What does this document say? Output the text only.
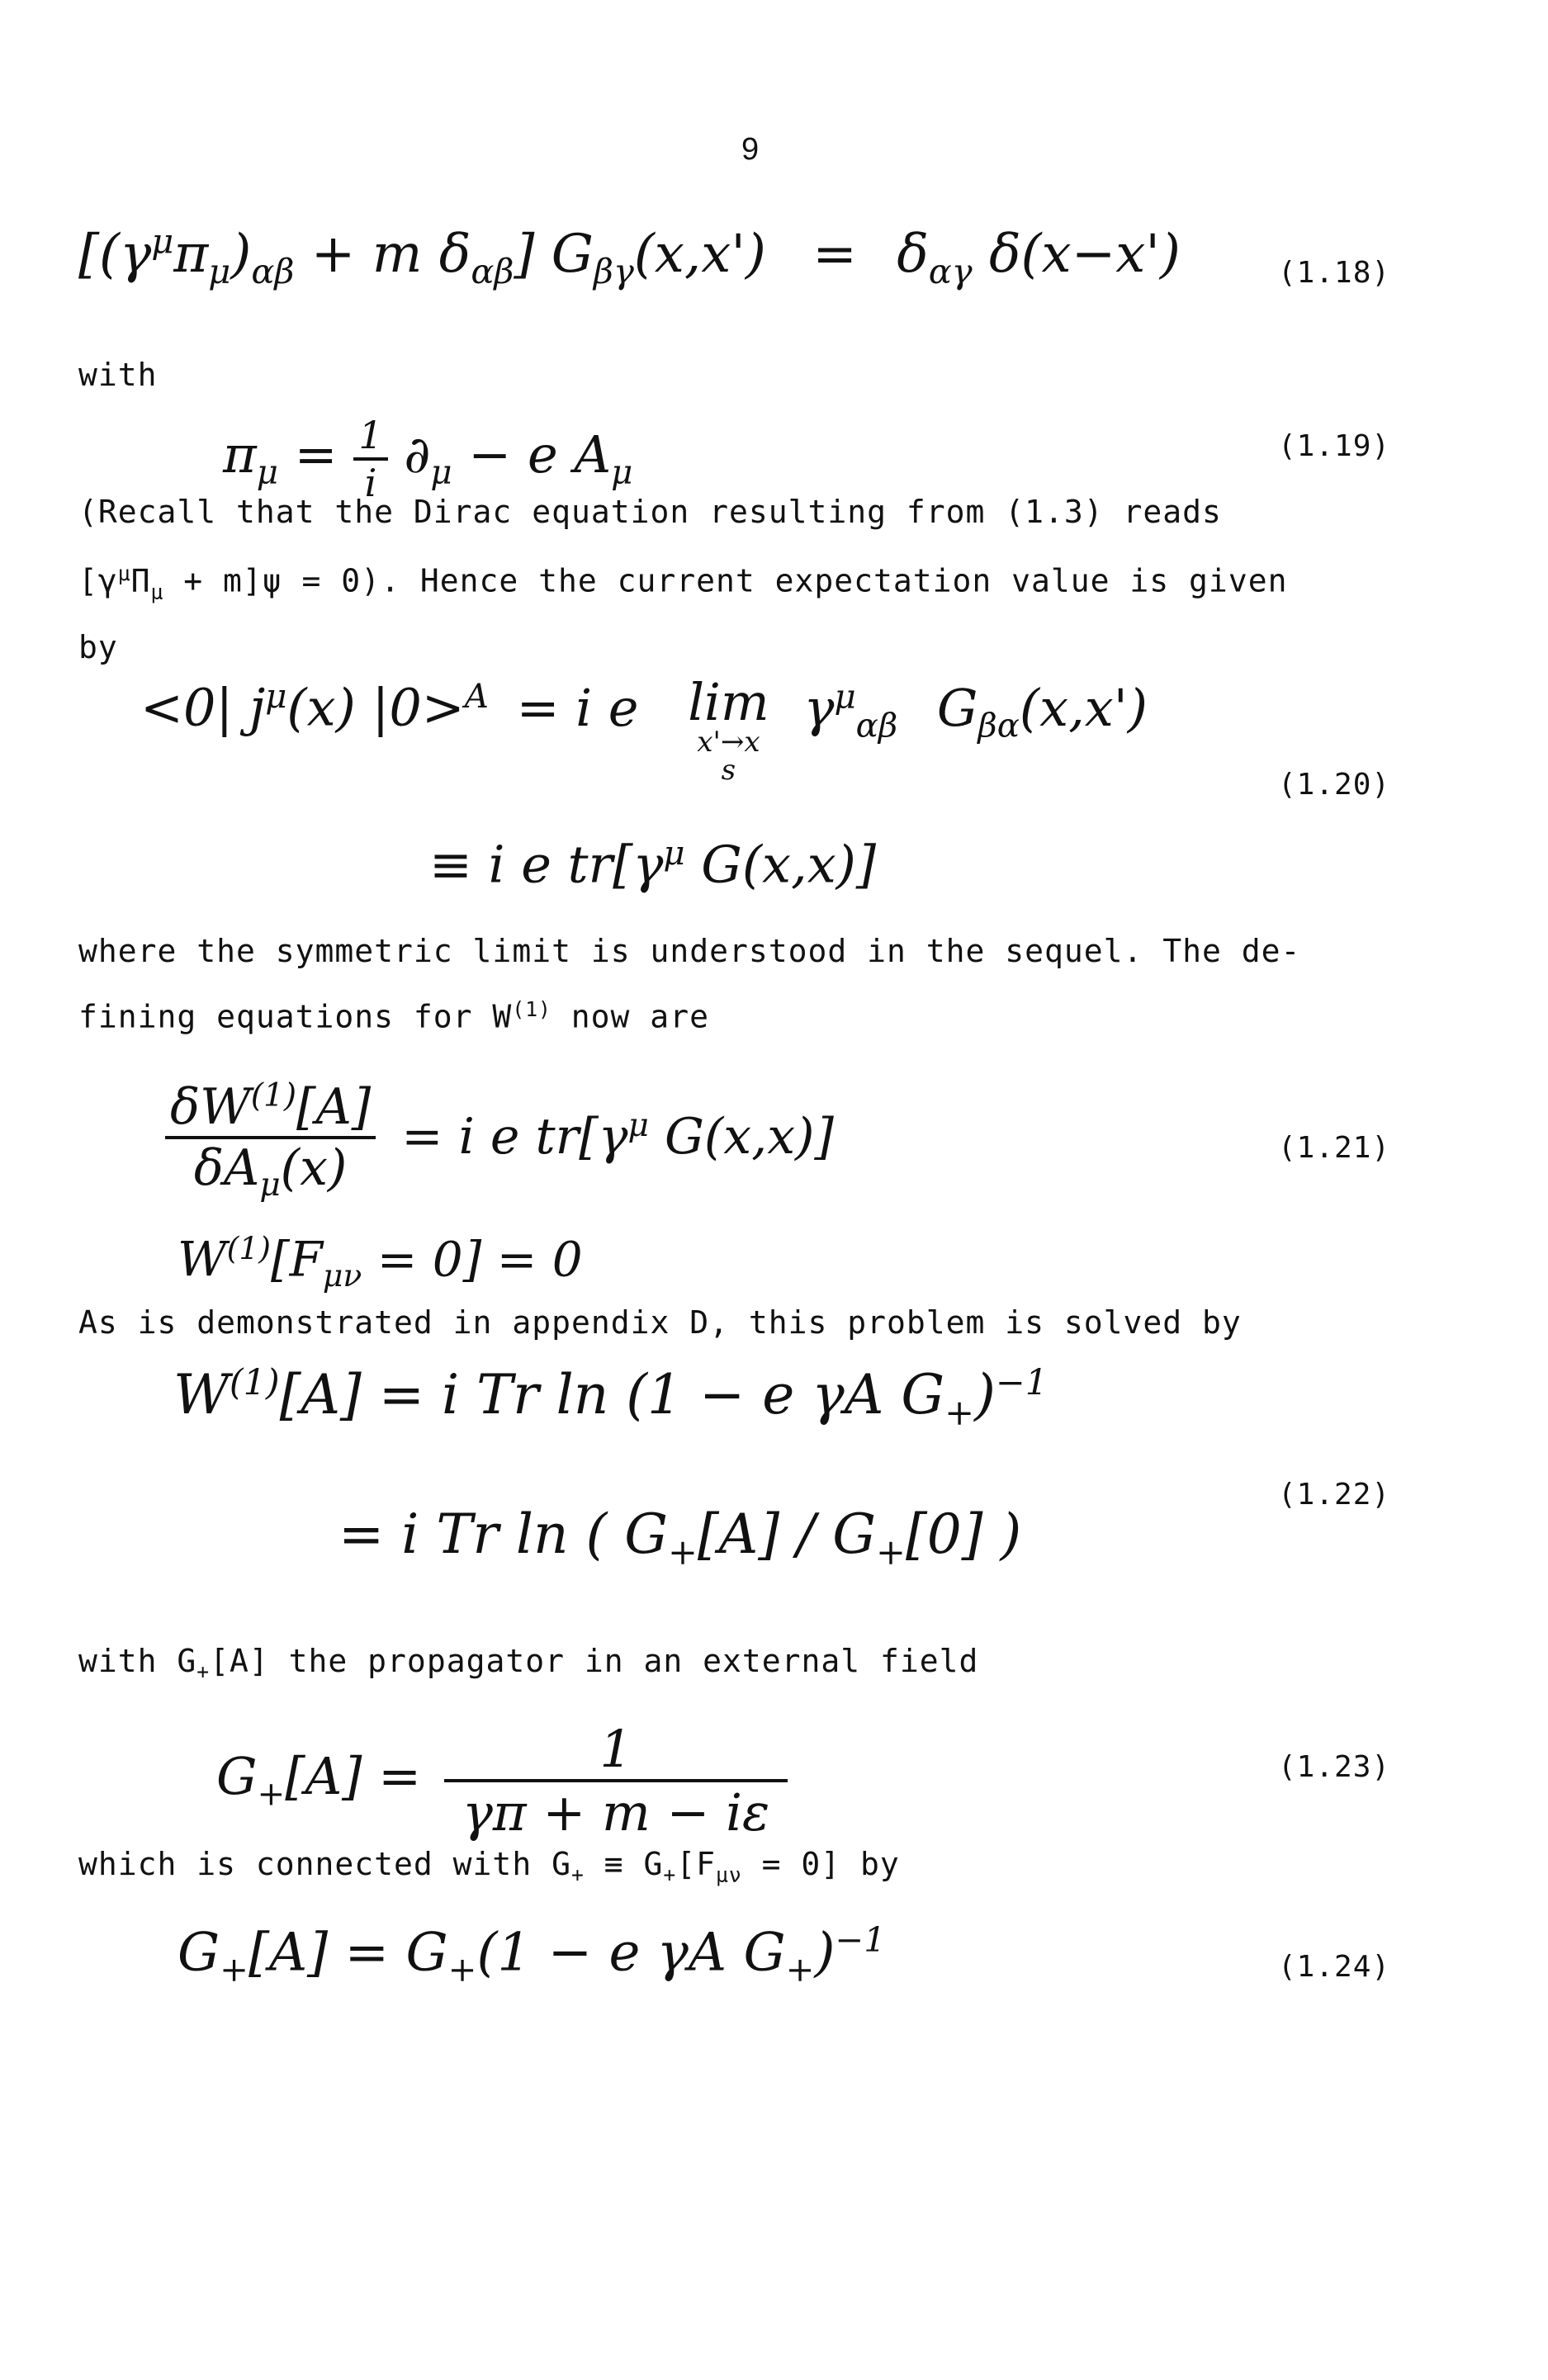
9
[$(\gamma^\mu\pi_\mu)_{\alpha\beta} + m$ $\delta_{\alpha\beta}$] $G_{\beta\gamma}(x,x') = \delta_{\alpha\gamma}$ δ(x−x')	(1.18)
with
$\pi_\mu = \frac{1}{i} \partial_\mu - e$ $A_\mu$
(1.19)
(Recall that the Dirac equation resulting from (1.3) reads
$[\gamma^\mu\Pi_\mu + m]\psi = 0$). Hence the current expectation value is given
by
<0| $j^\mu(x) |0>^A = i$ e lim
x'→x
s
$\gamma^\mu_{\alpha\beta}$ $G_{\beta\alpha}(x,x')$
(1.20)
≡ i e $tr[\gamma^\mu$ G(x,x)]
where the symmetric limit is understood in the sequel. The de-
fining equations for $W^{(1)}$ now are
$\frac{\delta W^{(1)}[A]}{\delta A_\mu(x)} = i$ e $tr[\gamma^\mu$ G(x,x)]	(1.21)
$W^{(1)}[F_{\mu\nu} = 0] = 0$
As is demonstrated in appendix D, this problem is solved by
$W^{(1)}[A] = i$ Tr ln (1 − e γA $G_+)^{-1}$
(1.22)
= i Tr ln ( $G_+[A] / G_+[0]$ )
with $G_+[A]$ the propagator in an external field
$G_+[A] = \frac{1}{\gamma\pi + m - i\varepsilon}$	(1.23)
which is connected with $G_+ \equiv G_+[F_{\mu\nu} = 0]$ by
$G_+[A] = G_+(1 - e$ γA $G_+)^{-1}$
(1.24)
